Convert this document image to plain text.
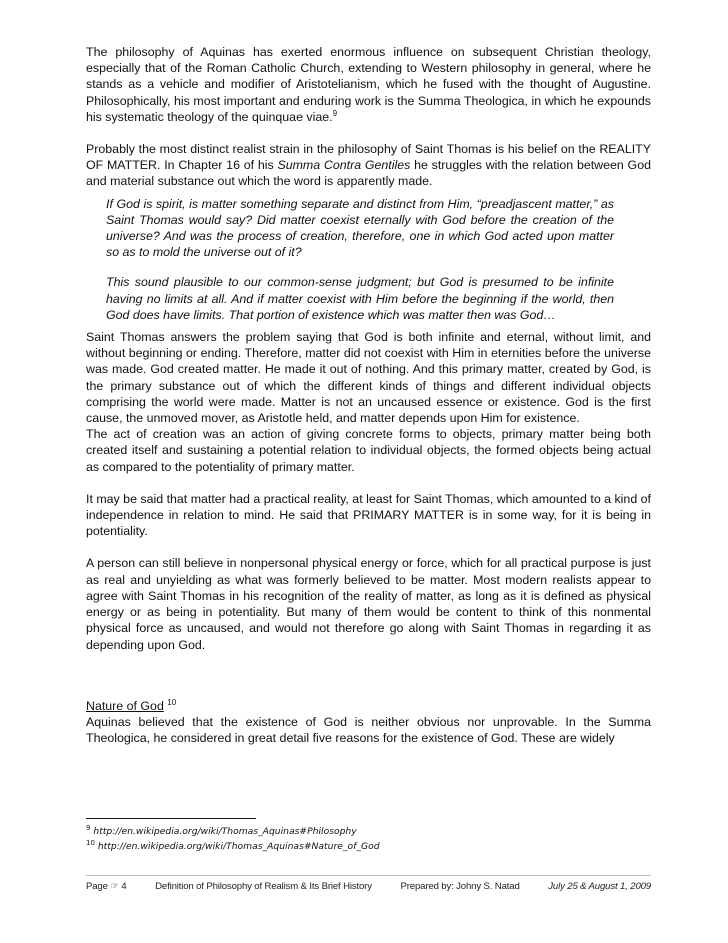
The philosophy of Aquinas has exerted enormous influence on subsequent Christian theology, especially that of the Roman Catholic Church, extending to Western philosophy in general, where he stands as a vehicle and modifier of Aristotelianism, which he fused with the thought of Augustine. Philosophically, his most important and enduring work is the Summa Theologica, in which he expounds his systematic theology of the quinquae viae.$^9$

Probably the most distinct realist strain in the philosophy of Saint Thomas is his belief on the REALITY OF MATTER. In Chapter 16 of his Summa Contra Gentiles he struggles with the relation between God and material substance out which the word is apparently made.

If God is spirit, is matter something separate and distinct from Him, “preadjascent matter,” as Saint Thomas would say? Did matter coexist eternally with God before the creation of the universe? And was the process of creation, therefore, one in which God acted upon matter so as to mold the universe out of it?

This sound plausible to our common-sense judgment; but God is presumed to be infinite having no limits at all. And if matter coexist with Him before the beginning if the world, then God does have limits. That portion of existence which was matter then was God…

Saint Thomas answers the problem saying that God is both infinite and eternal, without limit, and without beginning or ending. Therefore, matter did not coexist with Him in eternities before the universe was made. God created matter. He made it out of nothing. And this primary matter, created by God, is the primary substance out of which the different kinds of things and different individual objects comprising the world were made. Matter is not an uncaused essence or existence. God is the first cause, the unmoved mover, as Aristotle held, and matter depends upon Him for existence.

The act of creation was an action of giving concrete forms to objects, primary matter being both created itself and sustaining a potential relation to individual objects, the formed objects being actual as compared to the potentiality of primary matter.

It may be said that matter had a practical reality, at least for Saint Thomas, which amounted to a kind of independence in relation to mind. He said that PRIMARY MATTER is in some way, for it is being in potentiality.

A person can still believe in nonpersonal physical energy or force, which for all practical purpose is just as real and unyielding as what was formerly believed to be matter. Most modern realists appear to agree with Saint Thomas in his recognition of the reality of matter, as long as it is defined as physical energy or as being in potentiality. But many of them would be content to think of this nonmental physical force as uncaused, and would not therefore go along with Saint Thomas in regarding it as depending upon God.

Nature of God $^{10}$

Aquinas believed that the existence of God is neither obvious nor unprovable. In the Summa Theologica, he considered in great detail five reasons for the existence of God. These are widely

$^9$ http://en.wikipedia.org/wiki/Thomas_Aquinas#Philosophy
$^{10}$ http://en.wikipedia.org/wiki/Thomas_Aquinas#Nature_of_God
Page ☞ 4	Definition of Philosophy of Realism & Its Brief History	Prepared by: Johny S. Natad	July 25 & August 1, 2009
